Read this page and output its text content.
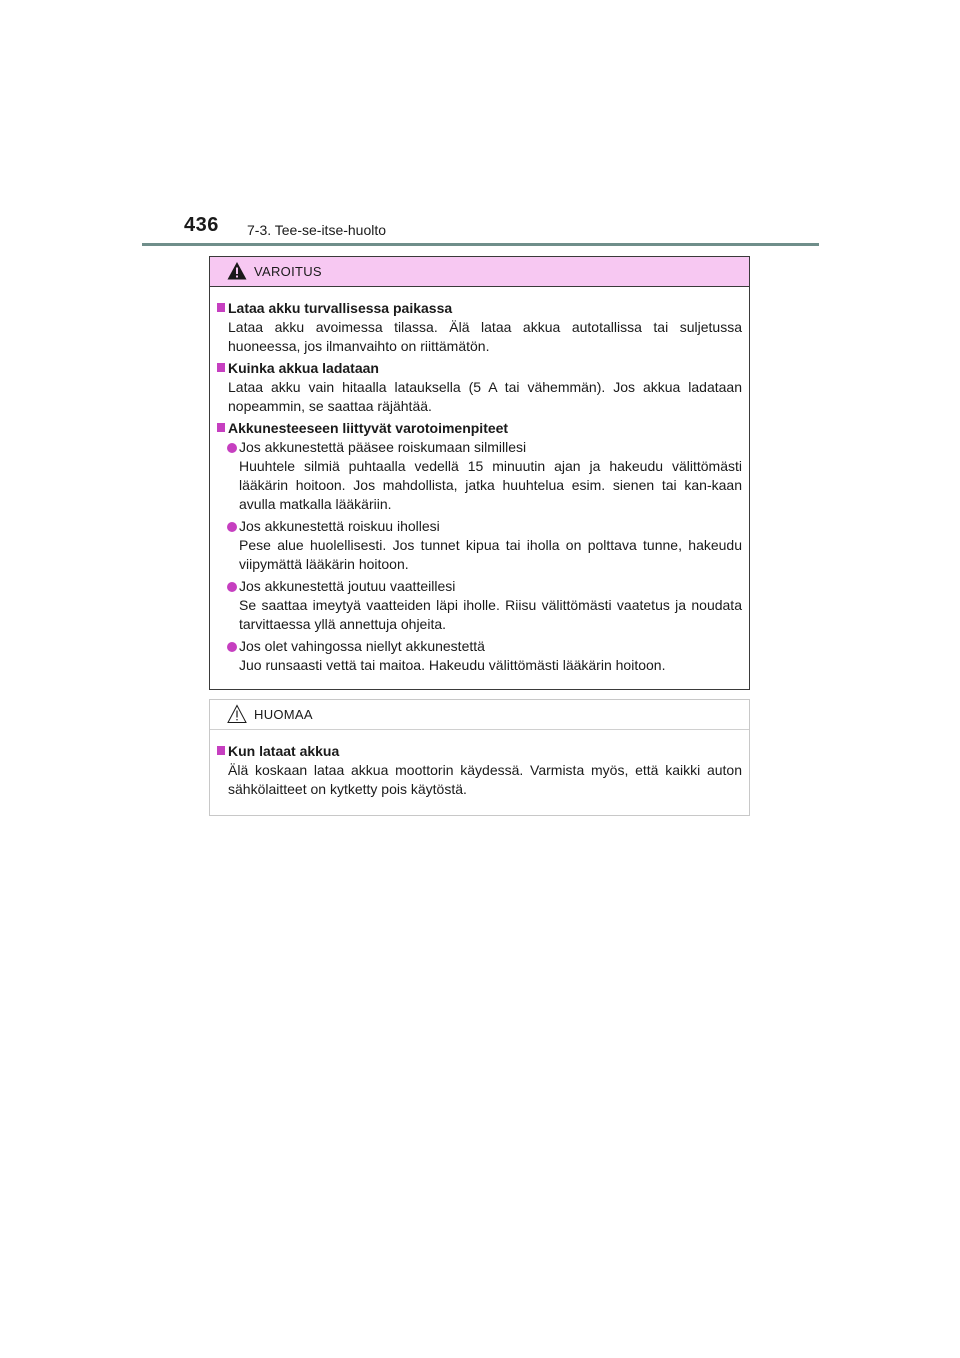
436 7-3. Tee-se-itse-huolto
VAROITUS
Lataa akku turvallisessa paikassa
Lataa akku avoimessa tilassa. Älä lataa akkua autotallissa tai suljetussa huoneessa, jos ilmanvaihto on riittämätön.
Kuinka akkua ladataan
Lataa akku vain hitaalla latauksella (5 A tai vähemmän). Jos akkua ladataan nopeammin, se saattaa räjähtää.
Akkunesteeseen liittyvät varotoimenpiteet
Jos akkunestettä pääsee roiskumaan silmillesi
Huuhtele silmiä puhtaalla vedellä 15 minuutin ajan ja hakeudu välittömästi lääkärin hoitoon. Jos mahdollista, jatka huuhtelua esim. sienen tai kan-kaan avulla matkalla lääkäriin.
Jos akkunestettä roiskuu ihollesi
Pese alue huolellisesti. Jos tunnet kipua tai iholla on polttava tunne, hakeudu viipymättä lääkärin hoitoon.
Jos akkunestettä joutuu vaatteillesi
Se saattaa imeytyä vaatteiden läpi iholle. Riisu välittömästi vaatetus ja noudata tarvittaessa yllä annettuja ohjeita.
Jos olet vahingossa niellyt akkunestettä
Juo runsaasti vettä tai maitoa. Hakeudu välittömästi lääkärin hoitoon.
HUOMAA
Kun lataat akkua
Älä koskaan lataa akkua moottorin käydessä. Varmista myös, että kaikki auton sähkölaitteet on kytketty pois käytöstä.
